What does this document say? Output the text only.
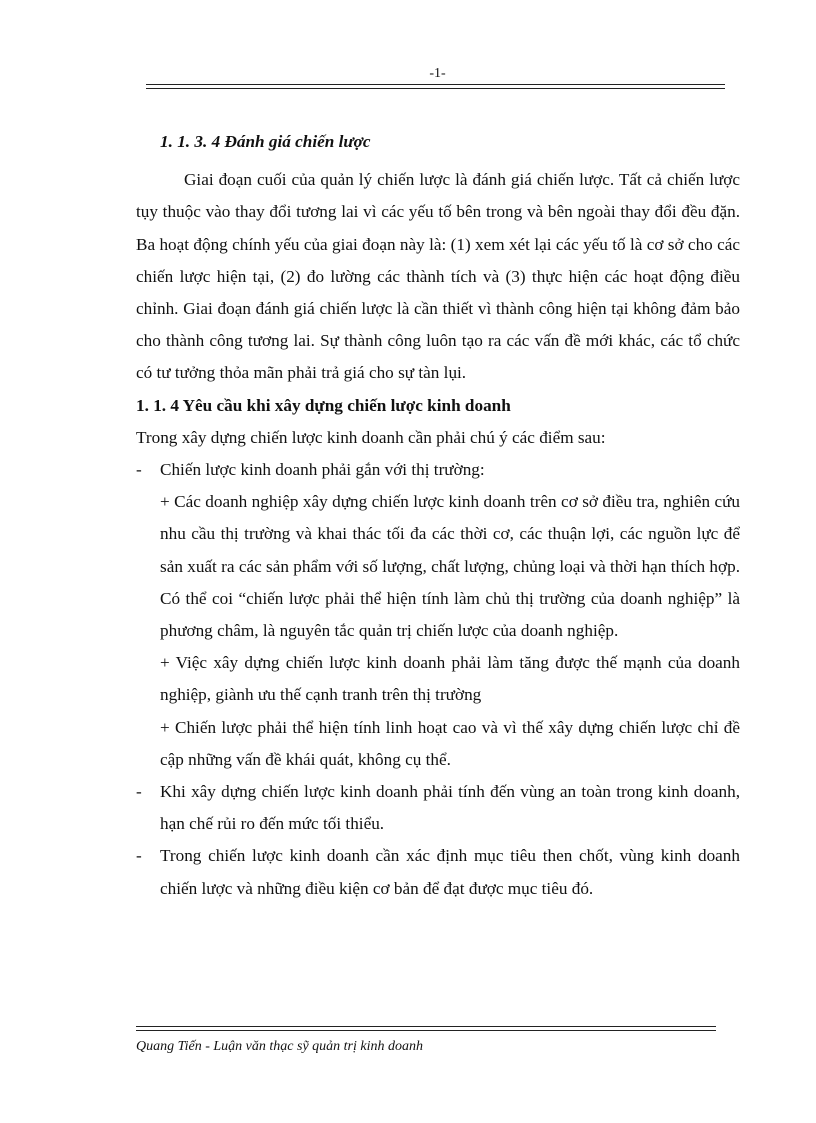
-1-
1. 1. 3. 4 Đánh giá chiến lược

Giai đoạn cuối của quản lý chiến lược là đánh giá chiến lược. Tất cả chiến lược tụy thuộc vào thay đổi tương lai vì các yếu tố bên trong và bên ngoài thay đổi đều đặn. Ba hoạt động chính yếu của giai đoạn này là: (1) xem xét lại các yếu tố là cơ sở cho các chiến lược hiện tại, (2) đo lường các thành tích và (3) thực hiện các hoạt động điều chỉnh. Giai đoạn đánh giá chiến lược là cần thiết vì thành công hiện tại không đảm bảo cho thành công tương lai. Sự thành công luôn tạo ra các vấn đề mới khác, các tổ chức có tư tưởng thỏa mãn phải trả giá cho sự tàn lụi.

1. 1. 4 Yêu cầu khi xây dựng chiến lược kinh doanh

Trong xây dựng chiến lược kinh doanh cần phải chú ý các điểm sau:

-	Chiến lược kinh doanh phải gắn với thị trường:

+ Các doanh nghiệp xây dựng chiến lược kinh doanh trên cơ sở điều tra, nghiên cứu nhu cầu thị trường và khai thác tối đa các thời cơ, các thuận lợi, các nguồn lực để sản xuất ra các sản phẩm với số lượng, chất lượng, chủng loại và thời hạn thích hợp. Có thể coi “chiến lược phải thể hiện tính làm chủ thị trường của doanh nghiệp” là phương châm, là nguyên tắc quản trị chiến lược của doanh nghiệp.

+ Việc xây dựng chiến lược kinh doanh phải làm tăng được thế mạnh của doanh nghiệp, giành ưu thế cạnh tranh trên thị trường

+ Chiến lược phải thể hiện tính linh hoạt cao và vì thế xây dựng chiến lược chỉ đề cập những vấn đề khái quát, không cụ thể.

-	Khi xây dựng chiến lược kinh doanh phải tính đến vùng an toàn trong kinh doanh, hạn chế rủi ro đến mức tối thiểu.
-	Trong chiến lược kinh doanh cần xác định mục tiêu then chốt, vùng kinh doanh chiến lược và những điều kiện cơ bản để đạt được mục tiêu đó.
Quang Tiến - Luận văn thạc sỹ quản trị kinh doanh
